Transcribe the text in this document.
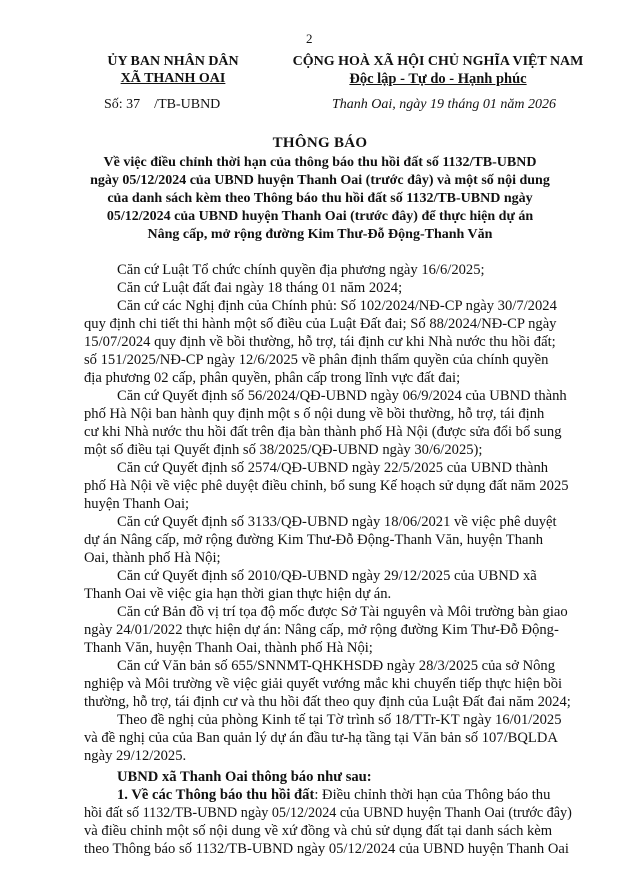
2
ỦY BAN NHÂN DÂN
XÃ THANH OAI
Số: 37    /TB-UBND
CỘNG HOÀ XÃ HỘI CHỦ NGHĨA VIỆT NAM
Độc lập - Tự do - Hạnh phúc
Thanh Oai, ngày 19 tháng 01 năm 2026
THÔNG BÁO
Về việc điều chỉnh thời hạn của thông báo thu hồi đất số 1132/TB-UBND
ngày 05/12/2024 của UBND huyện Thanh Oai (trước đây) và một số nội dung
của danh sách kèm theo Thông báo thu hồi đất số 1132/TB-UBND ngày
05/12/2024 của UBND huyện Thanh Oai (trước đây) để thực hiện dự án
Nâng cấp, mở rộng đường Kim Thư-Đỗ Động-Thanh Văn
Căn cứ Luật Tổ chức chính quyền địa phương ngày 16/6/2025;
Căn cứ Luật đất đai ngày 18 tháng 01 năm 2024;
Căn cứ các Nghị định của Chính phủ: Số 102/2024/NĐ-CP ngày 30/7/2024
quy định chi tiết thi hành một số điều của Luật Đất đai; Số 88/2024/NĐ-CP ngày
15/07/2024 quy định về bồi thường, hỗ trợ, tái định cư khi Nhà nước thu hồi đất;
số 151/2025/NĐ-CP ngày 12/6/2025 về phân định thẩm quyền của chính quyền
địa phương 02 cấp, phân quyền, phân cấp trong lĩnh vực đất đai;
Căn cứ Quyết định số 56/2024/QĐ-UBND ngày 06/9/2024 của UBND thành
phố Hà Nội ban hành quy định một s ố nội dung về bồi thường, hỗ trợ, tái định
cư khi Nhà nước thu hồi đất trên địa bàn thành phố Hà Nội (được sửa đổi bổ sung
một số điều tại Quyết định số 38/2025/QĐ-UBND ngày 30/6/2025);
Căn cứ Quyết định số 2574/QĐ-UBND ngày 22/5/2025 của UBND thành
phố Hà Nội về việc phê duyệt điều chỉnh, bổ sung Kế hoạch sử dụng đất năm 2025
huyện Thanh Oai;
Căn cứ Quyết định số 3133/QĐ-UBND ngày 18/06/2021 về việc phê duyệt
dự án Nâng cấp, mở rộng đường Kim Thư-Đỗ Động-Thanh Văn, huyện Thanh
Oai, thành phố Hà Nội;
Căn cứ Quyết định số 2010/QĐ-UBND ngày 29/12/2025 của UBND xã
Thanh Oai về việc gia hạn thời gian thực hiện dự án.
Căn cứ Bản đồ vị trí tọa độ mốc được Sở Tài nguyên và Môi trường bàn giao
ngày 24/01/2022 thực hiện dự án: Nâng cấp, mở rộng đường Kim Thư-Đỗ Động-
Thanh Văn, huyện Thanh Oai, thành phố Hà Nội;
Căn cứ Văn bản số 655/SNNMT-QHKHSDĐ ngày 28/3/2025 của sở Nông
nghiệp và Môi trường về việc giải quyết vướng mắc khi chuyển tiếp thực hiện bồi
thường, hỗ trợ, tái định cư và thu hồi đất theo quy định của Luật Đất đai năm 2024;
Theo đề nghị của phòng Kinh tế tại Tờ trình số 18/TTr-KT ngày 16/01/2025
và đề nghị của của Ban quản lý dự án đầu tư-hạ tầng tại Văn bản số 107/BQLDA
ngày 29/12/2025.
UBND xã Thanh Oai thông báo như sau:
1. Về các Thông báo thu hồi đất: Điều chỉnh thời hạn của Thông báo thu
hồi đất số 1132/TB-UBND ngày 05/12/2024 của UBND huyện Thanh Oai (trước đây)
và điều chỉnh một số nội dung về xứ đồng và chủ sử dụng đất tại danh sách kèm
theo Thông báo số 1132/TB-UBND ngày 05/12/2024 của UBND huyện Thanh Oai
